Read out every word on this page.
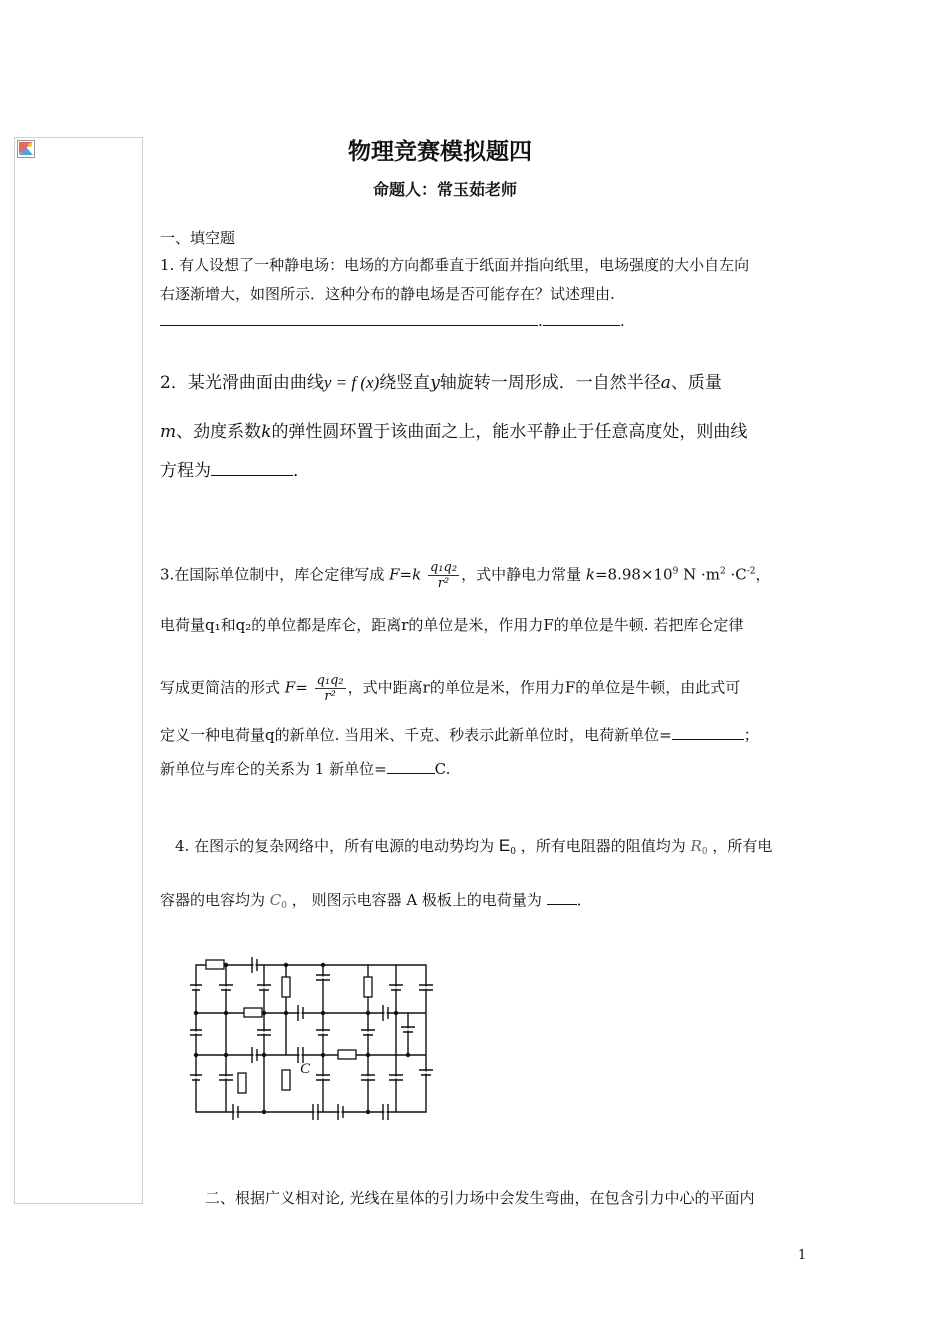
物理竞赛模拟题四
命题人：常玉茹老师
一、填空题
1. 有人设想了一种静电场：电场的方向都垂直于纸面并指向纸里，电场强度的大小自左向
右逐渐增大，如图所示．这种分布的静电场是否可能存在？试述理由.
.	.
2．某光滑曲面由曲线y = f (x)绕竖直y轴旋转一周形成．一自然半径a、质量
m、劲度系数k的弹性圆环置于该曲面之上，能水平静止于任意高度处，则曲线
方程为	．
3.在国际单位制中，库仑定律写成 $F=k \frac{\text{q₁q₂}}{\text{r²}}$ ，式中静电力常量 $k=8.98\times 10^9$ $N \cdot m^2 \cdot C^{-2}$，
电荷量q₁和q₂的单位都是库仑，距离r的单位是米，作用力F的单位是牛顿. 若把库仑定律
写成更简洁的形式 $F= \frac{\text{q₁q₂}}{\text{r²}}$ ，式中距离r的单位是米，作用力F的单位是牛顿，由此式可
定义一种电荷量q的新单位. 当用米、千克、秒表示此新单位时，电荷新单位=	；
新单位与库仑的关系为 1 新单位=	C.
4. 在图示的复杂网络中，所有电源的电动势均为 $E_0$ ，所有电阻器的阻值均为 $R_0$ ，所有电
容器的电容均为 $C_0$ ， 则图示电容器 A 极板上的电荷量为 ．
C
二、根据广义相对论, 光线在星体的引力场中会发生弯曲，在包含引力中心的平面内
1
